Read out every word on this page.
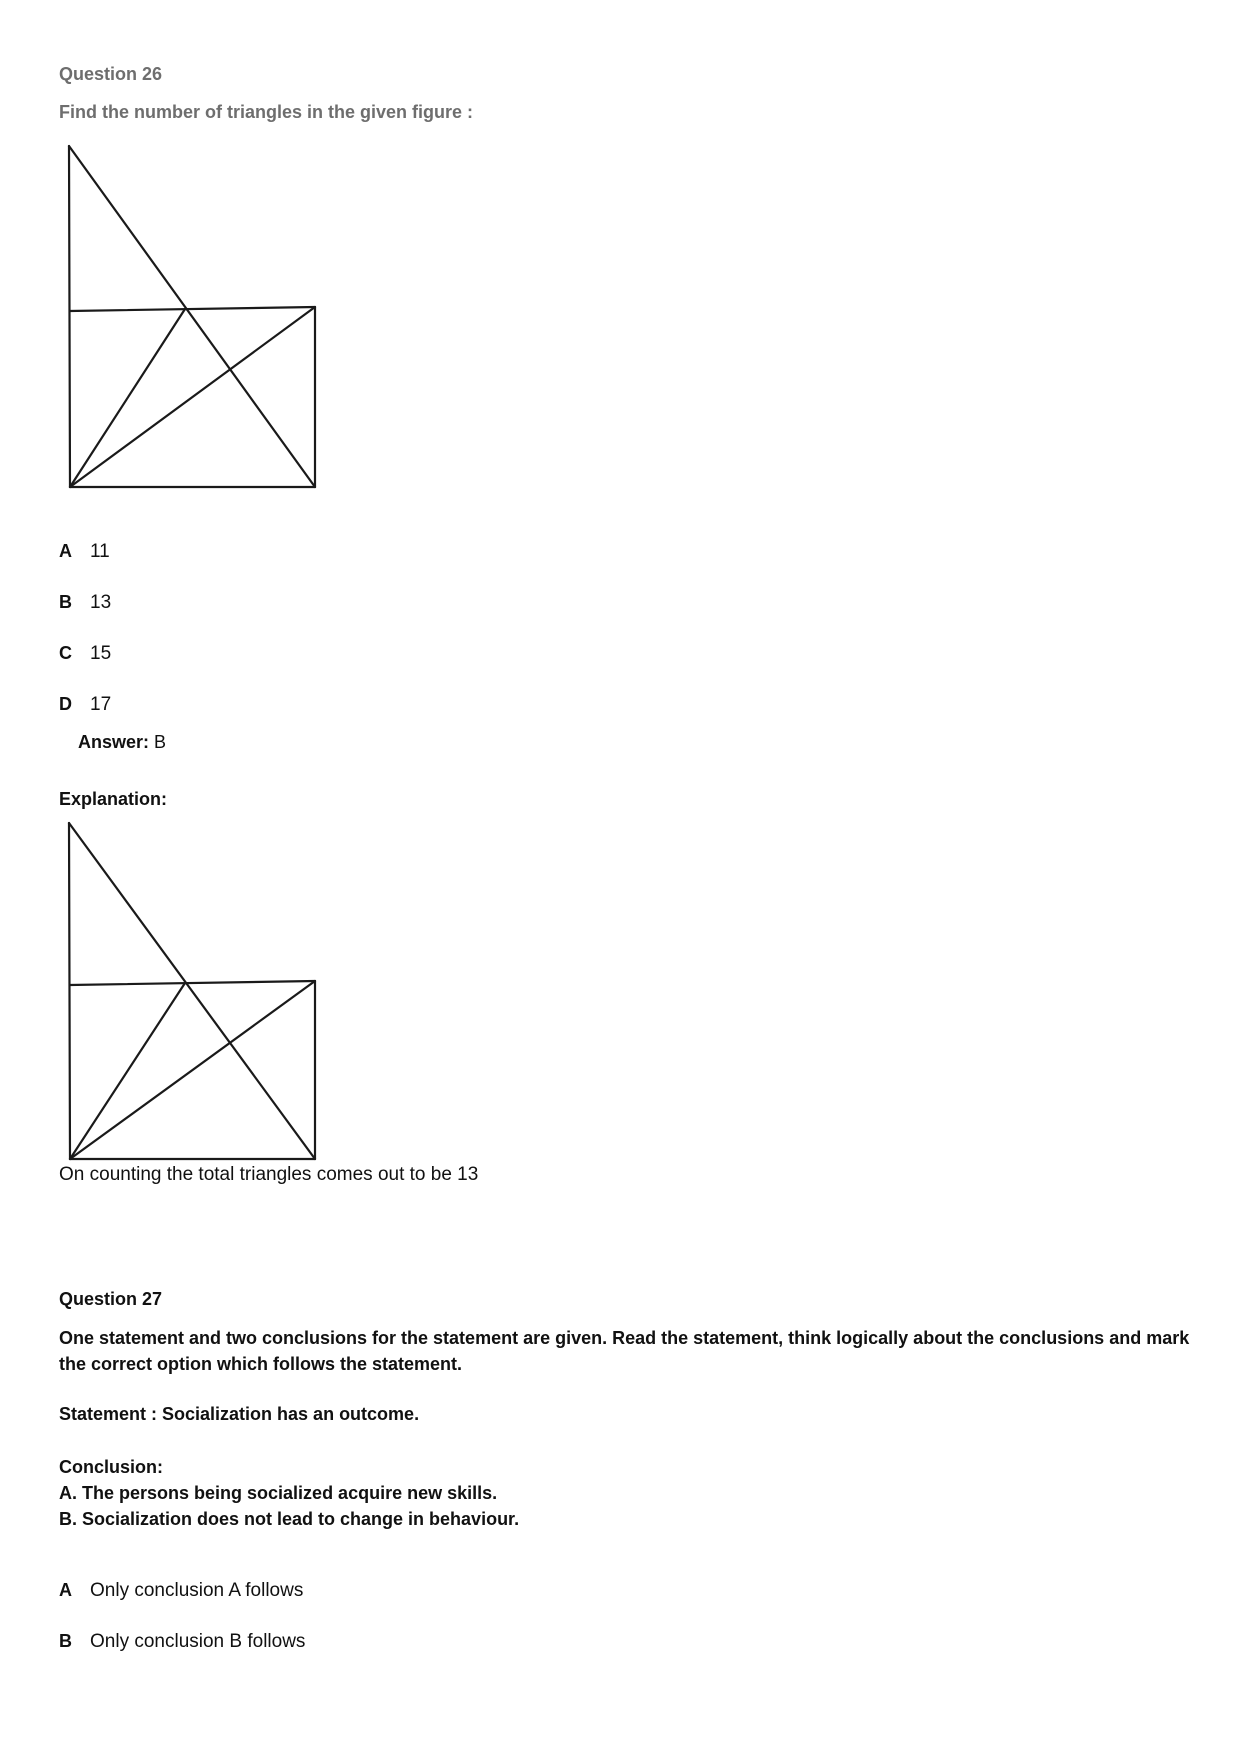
Question 26
Find the number of triangles in the given figure :
A 11
B 13
C 15
D 17
Answer: B
Explanation:
On counting the total triangles comes out to be 13
Question 27
One statement and two conclusions for the statement are given. Read the statement, think logically about the conclusions and mark
the correct option which follows the statement.
Statement : Socialization has an outcome.
Conclusion:
A. The persons being socialized acquire new skills.
B. Socialization does not lead to change in behaviour.
A Only conclusion A follows
B Only conclusion B follows
